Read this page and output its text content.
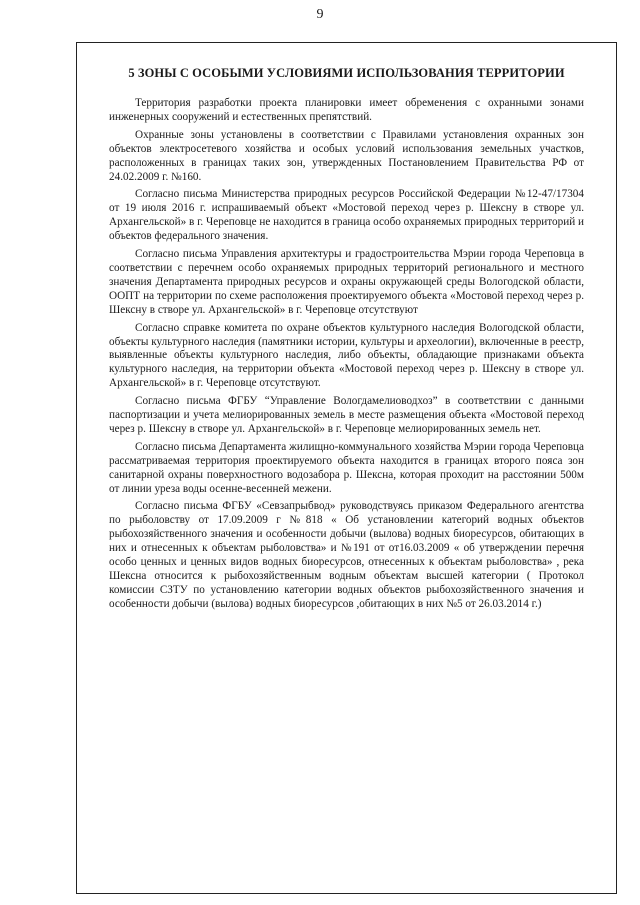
9
5 ЗОНЫ С ОСОБЫМИ УСЛОВИЯМИ ИСПОЛЬЗОВАНИЯ ТЕРРИТОРИИ

Территория разработки проекта планировки имеет обременения с охранными зонами инженерных сооружений и естественных препятствий.

Охранные зоны установлены в соответствии с Правилами установления охранных зон объектов электросетевого хозяйства и особых условий использования земельных участков, расположенных в границах таких зон, утвержденных Постановлением Правительства РФ от 24.02.2009 г. №160.

Согласно письма Министерства природных ресурсов Российской Федерации №12-47/17304 от 19 июля 2016 г. испрашиваемый объект «Мостовой переход через р. Шексну в створе ул. Архангельской» в г. Череповце не находится в граница особо охраняемых природных территорий и объектов федерального значения.

Согласно письма Управления архитектуры и градостроительства Мэрии города Череповца в соответствии с перечнем особо охраняемых природных территорий регионального и местного значения Департамента природных ресурсов и охраны окружающей среды Вологодской области, ООПТ на территории по схеме расположения проектируемого объекта «Мостовой переход через р. Шексну в створе ул. Архангельской» в г. Череповце отсутствуют

Согласно справке комитета по охране объектов культурного наследия Вологодской области, объекты культурного наследия (памятники истории, культуры и археологии), включенные в реестр, выявленные объекты культурного наследия, либо объекты, обладающие признаками объекта культурного наследия, на территории объекта «Мостовой переход через р. Шексну в створе ул. Архангельской» в г. Череповце отсутствуют.

Согласно письма ФГБУ “Управление Вологдамелиоводхоз” в соответствии с данными паспортизации и учета мелиорированных земель в месте размещения объекта «Мостовой переход через р. Шексну в створе ул. Архангельской» в г. Череповце мелиорированных земель нет.

Согласно письма Департамента жилищно-коммунального хозяйства Мэрии города Череповца рассматриваемая территория проектируемого объекта находится в границах второго пояса зон санитарной охраны поверхностного водозабора р. Шексна, которая проходит на расстоянии 500м от линии уреза воды осенне-весенней межени.

Согласно письма ФГБУ «Севзапрыбвод» руководствуясь приказом Федерального агентства по рыболовству от 17.09.2009 г №818 « Об установлении категорий водных объектов рыбохозяйственного значения и особенности добычи (вылова) водных биоресурсов, обитающих в них и отнесенных к объектам рыболовства» и №191 от от16.03.2009 « об утверждении перечня особо ценных и ценных видов водных биоресурсов, отнесенных к объектам рыболовства» , река Шексна относится к рыбохозяйственным водным объектам высшей категории ( Протокол комиссии СЗТУ по установлению категории водных объектов рыбохозяйственного значения и особенности добычи (вылова) водных биоресурсов ,обитающих в них №5 от 26.03.2014 г.)
